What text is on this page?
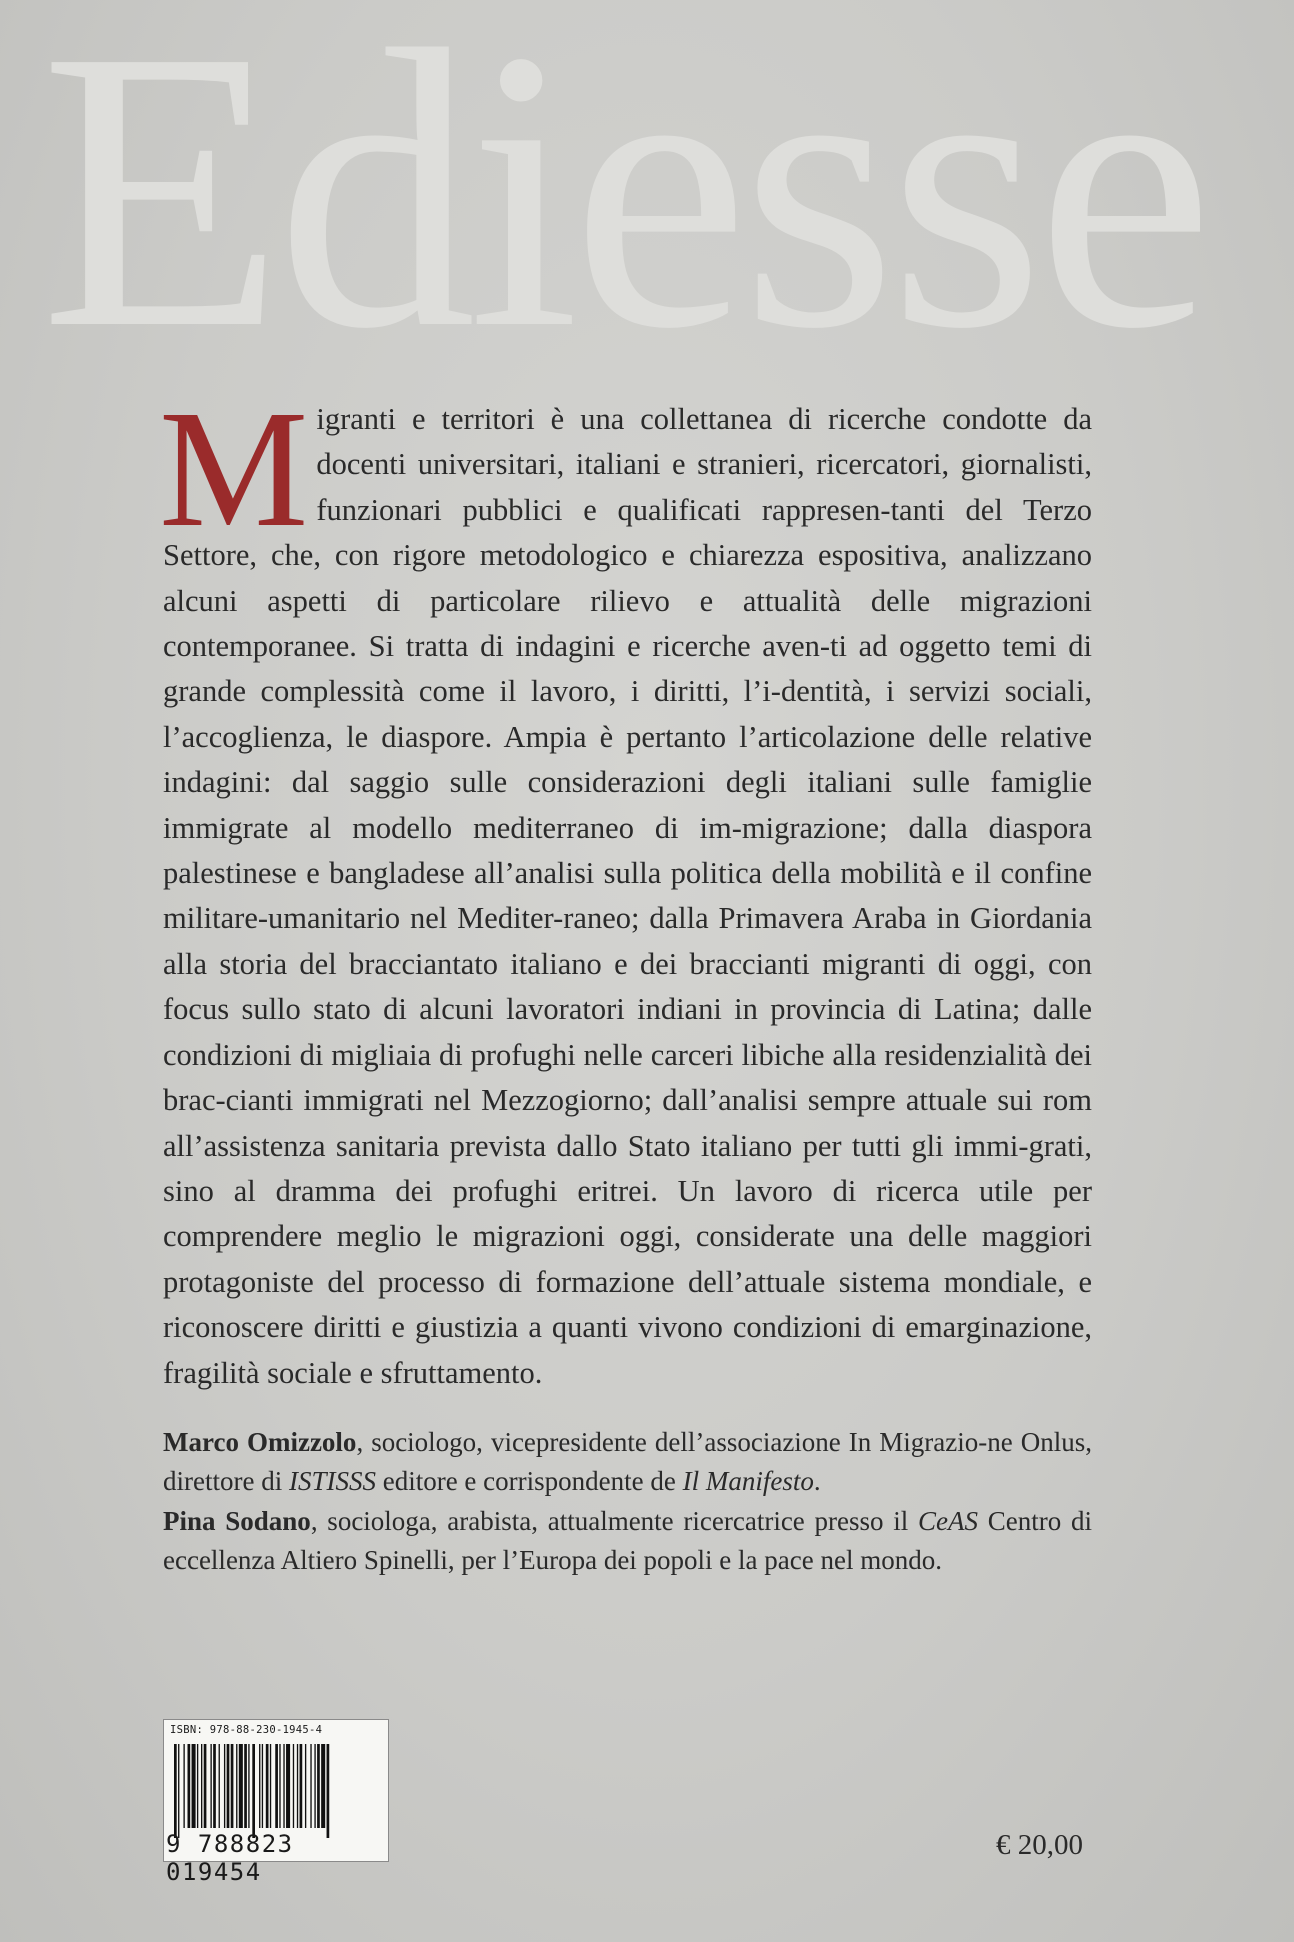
Ediesse

Migranti e territori è una collettanea di ricerche condotte da docenti universitari, italiani e stranieri, ricercatori, giornalisti, funzionari pubblici e qualificati rappresen-tanti del Terzo Settore, che, con rigore metodologico e chiarezza espositiva, analizzano alcuni aspetti di particolare rilievo e attualità delle migrazioni contemporanee. Si tratta di indagini e ricerche aven-ti ad oggetto temi di grande complessità come il lavoro, i diritti, l’i-dentità, i servizi sociali, l’accoglienza, le diaspore. Ampia è pertanto l’articolazione delle relative indagini: dal saggio sulle considerazioni degli italiani sulle famiglie immigrate al modello mediterraneo di im-migrazione; dalla diaspora palestinese e bangladese all’analisi sulla politica della mobilità e il confine militare-umanitario nel Mediter-raneo; dalla Primavera Araba in Giordania alla storia del bracciantato italiano e dei braccianti migranti di oggi, con focus sullo stato di alcuni lavoratori indiani in provincia di Latina; dalle condizioni di migliaia di profughi nelle carceri libiche alla residenzialità dei brac-cianti immigrati nel Mezzogiorno; dall’analisi sempre attuale sui rom all’assistenza sanitaria prevista dallo Stato italiano per tutti gli immi-grati, sino al dramma dei profughi eritrei. Un lavoro di ricerca utile per comprendere meglio le migrazioni oggi, considerate una delle maggiori protagoniste del processo di formazione dell’attuale sistema mondiale, e riconoscere diritti e giustizia a quanti vivono condizioni di emarginazione, fragilità sociale e sfruttamento.

Marco Omizzolo, sociologo, vicepresidente dell’associazione In Migrazio-ne Onlus, direttore di ISTISSS editore e corrispondente de Il Manifesto.

Pina Sodano, sociologa, arabista, attualmente ricercatrice presso il CeAS Centro di eccellenza Altiero Spinelli, per l’Europa dei popoli e la pace nel mondo.

ISBN: 978-88-230-1945-4
9 788823 019454
€ 20,00
